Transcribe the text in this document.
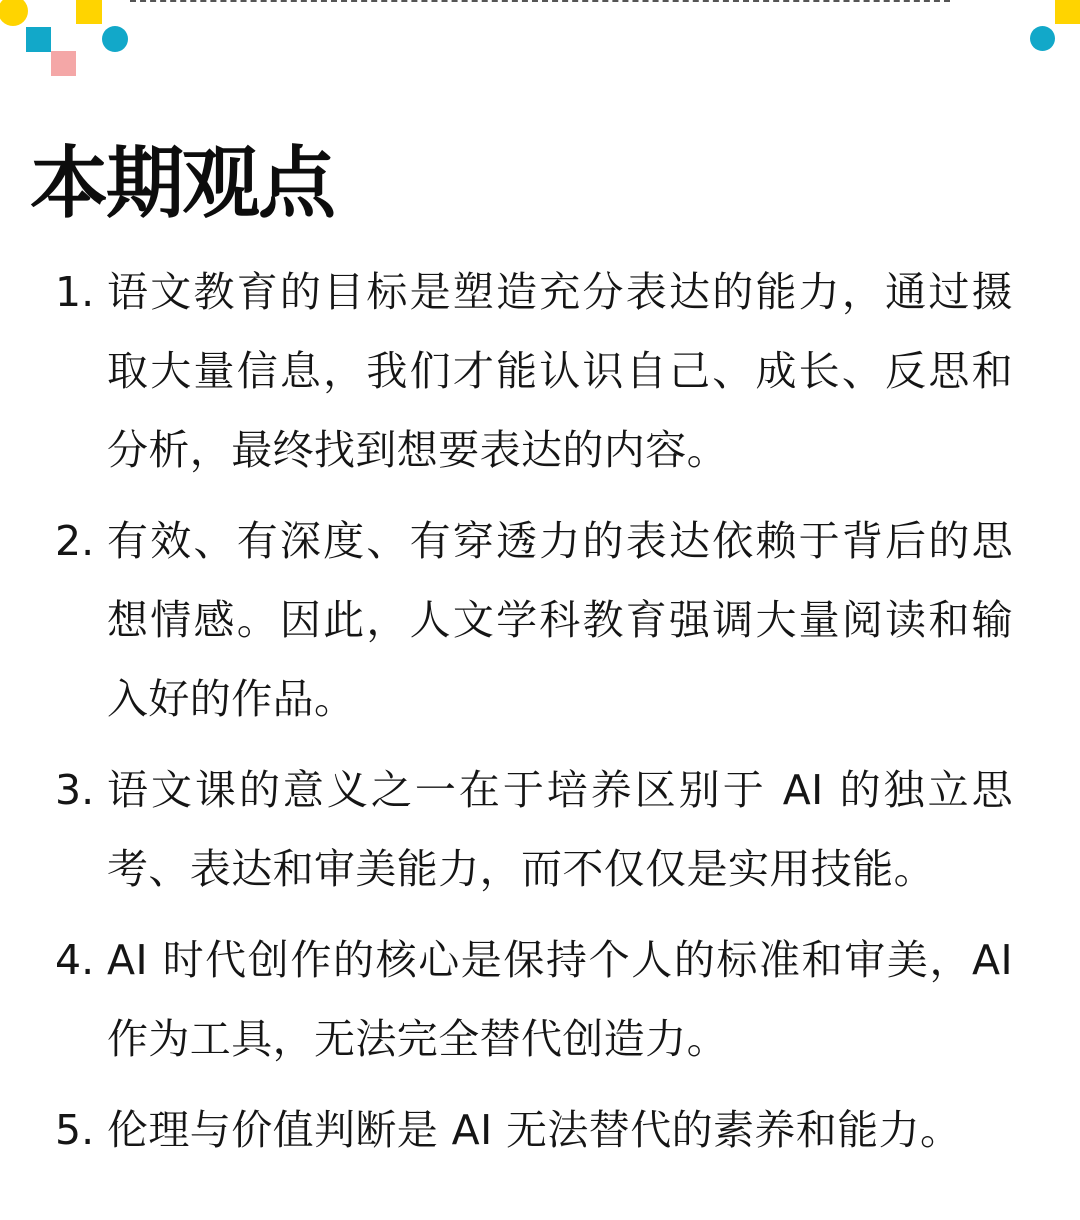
本期观点
1. 语文教育的目标是塑造充分表达的能力，通过摄取大量信息，我们才能认识自己、成长、反思和分析，最终找到想要表达的内容。
2. 有效、有深度、有穿透力的表达依赖于背后的思想情感。因此，人文学科教育强调大量阅读和输入好的作品。
3. 语文课的意义之一在于培养区别于 AI 的独立思考、表达和审美能力，而不仅仅是实用技能。
4. AI 时代创作的核心是保持个人的标准和审美，AI 作为工具，无法完全替代创造力。
5. 伦理与价值判断是 AI 无法替代的素养和能力。
